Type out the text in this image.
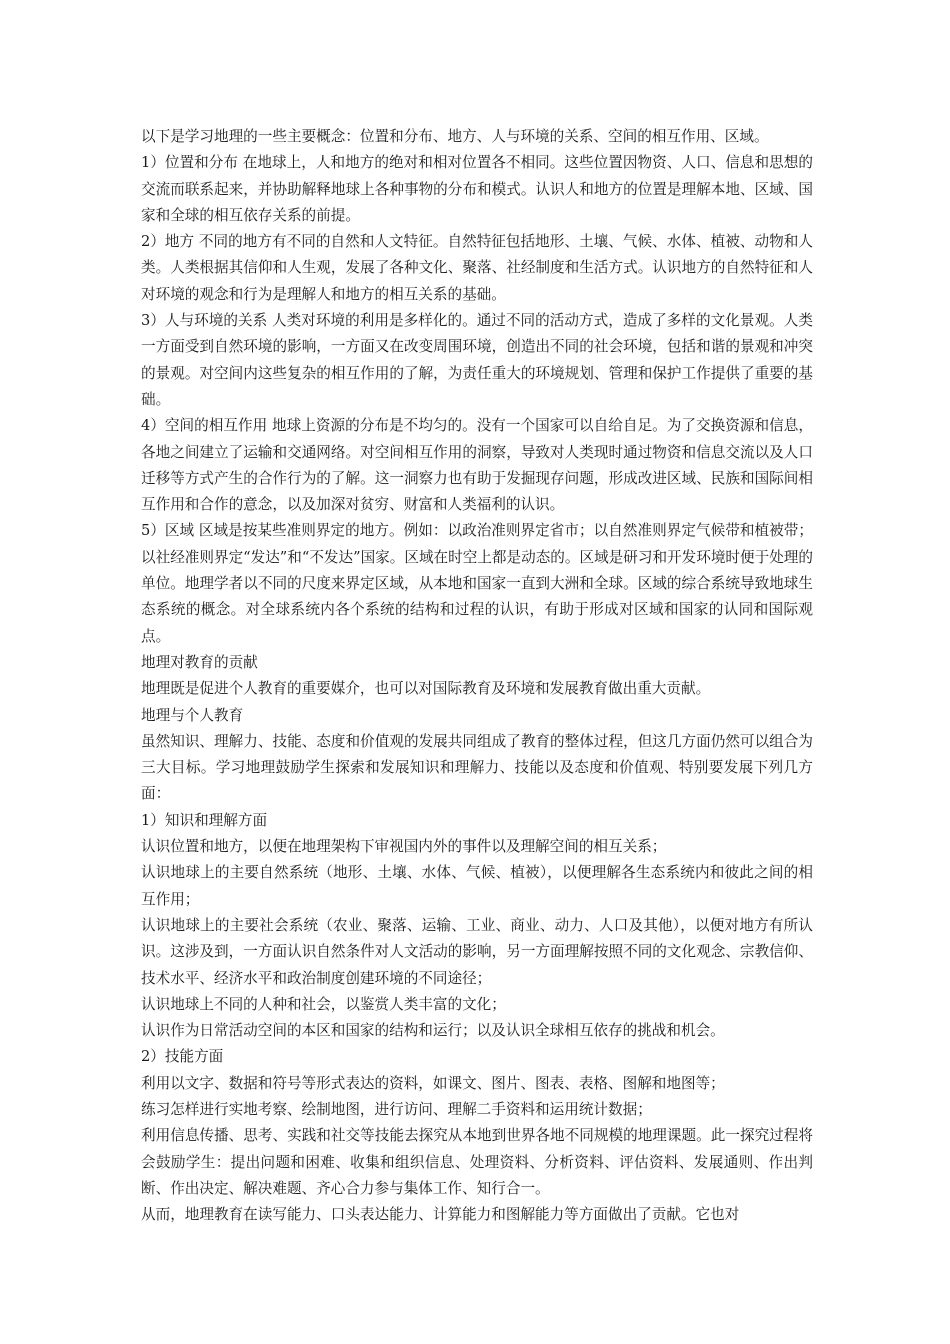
以下是学习地理的一些主要概念：位置和分布、地方、人与环境的关系、空间的相互作用、区域。

1）位置和分布 在地球上，人和地方的绝对和相对位置各不相同。这些位置因物资、人口、信息和思想的交流而联系起来，并协助解释地球上各种事物的分布和模式。认识人和地方的位置是理解本地、区域、国家和全球的相互依存关系的前提。

2）地方 不同的地方有不同的自然和人文特征。自然特征包括地形、土壤、气候、水体、植被、动物和人类。人类根据其信仰和人生观，发展了各种文化、聚落、社经制度和生活方式。认识地方的自然特征和人对环境的观念和行为是理解人和地方的相互关系的基础。

3）人与环境的关系 人类对环境的利用是多样化的。通过不同的活动方式，造成了多样的文化景观。人类一方面受到自然环境的影响，一方面又在改变周围环境，创造出不同的社会环境，包括和谐的景观和冲突的景观。对空间内这些复杂的相互作用的了解，为责任重大的环境规划、管理和保护工作提供了重要的基础。

4）空间的相互作用 地球上资源的分布是不均匀的。没有一个国家可以自给自足。为了交换资源和信息，各地之间建立了运输和交通网络。对空间相互作用的洞察，导致对人类现时通过物资和信息交流以及人口迁移等方式产生的合作行为的了解。这一洞察力也有助于发掘现存问题，形成改进区域、民族和国际间相互作用和合作的意念，以及加深对贫穷、财富和人类福利的认识。

5）区域 区域是按某些准则界定的地方。例如：以政治准则界定省市；以自然准则界定气候带和植被带；以社经准则界定“发达”和“不发达”国家。区域在时空上都是动态的。区域是研习和开发环境时便于处理的单位。地理学者以不同的尺度来界定区域，从本地和国家一直到大洲和全球。区域的综合系统导致地球生态系统的概念。对全球系统内各个系统的结构和过程的认识，有助于形成对区域和国家的认同和国际观点。

地理对教育的贡献

地理既是促进个人教育的重要媒介，也可以对国际教育及环境和发展教育做出重大贡献。

地理与个人教育

虽然知识、理解力、技能、态度和价值观的发展共同组成了教育的整体过程，但这几方面仍然可以组合为三大目标。学习地理鼓励学生探索和发展知识和理解力、技能以及态度和价值观、特别要发展下列几方面：

1）知识和理解方面

认识位置和地方，以便在地理架构下审视国内外的事件以及理解空间的相互关系；

认识地球上的主要自然系统（地形、土壤、水体、气候、植被），以便理解各生态系统内和彼此之间的相互作用；

认识地球上的主要社会系统（农业、聚落、运输、工业、商业、动力、人口及其他），以便对地方有所认识。这涉及到，一方面认识自然条件对人文活动的影响，另一方面理解按照不同的文化观念、宗教信仰、技术水平、经济水平和政治制度创建环境的不同途径；

认识地球上不同的人种和社会，以鉴赏人类丰富的文化；

认识作为日常活动空间的本区和国家的结构和运行；以及认识全球相互依存的挑战和机会。

2）技能方面

利用以文字、数据和符号等形式表达的资料，如课文、图片、图表、表格、图解和地图等；

练习怎样进行实地考察、绘制地图，进行访问、理解二手资料和运用统计数据；

利用信息传播、思考、实践和社交等技能去探究从本地到世界各地不同规模的地理课题。此一探究过程将会鼓励学生：提出问题和困难、收集和组织信息、处理资料、分析资料、评估资料、发展通则、作出判断、作出决定、解决难题、齐心合力参与集体工作、知行合一。

从而，地理教育在读写能力、口头表达能力、计算能力和图解能力等方面做出了贡献。它也对
